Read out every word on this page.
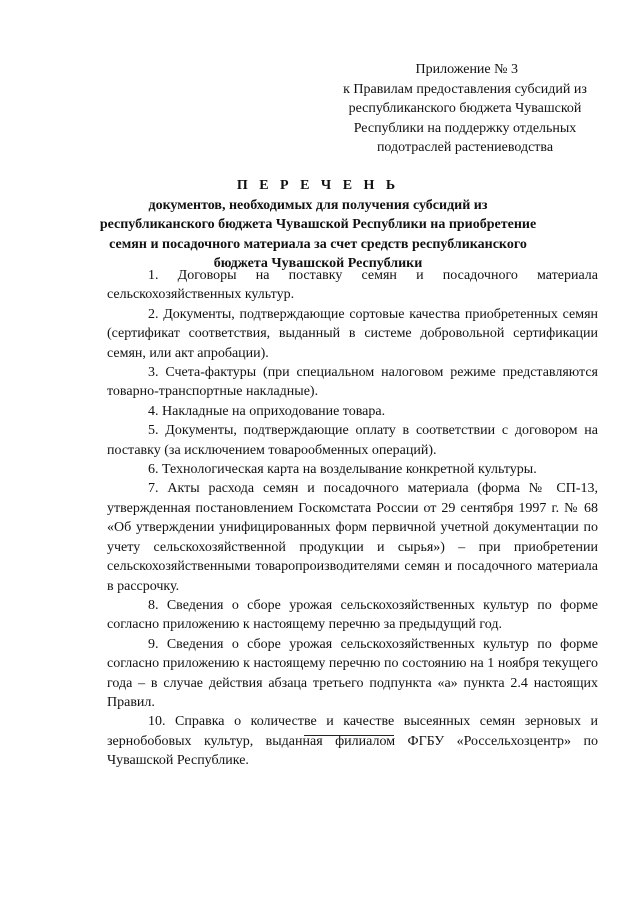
Приложение № 3
к Правилам предоставления субсидий из республиканского бюджета Чувашской Республики на поддержку отдельных подотраслей растениеводства
П Е Р Е Ч Е Н Ь
документов, необходимых для получения субсидий из республиканского бюджета Чувашской Республики на приобретение семян и посадочного материала за счет средств республиканского бюджета Чувашской Республики

1. Договоры на поставку семян и посадочного материала сельскохозяйственных культур.

2. Документы, подтверждающие сортовые качества приобретенных семян (сертификат соответствия, выданный в системе добровольной сертификации семян, или акт апробации).

3. Счета-фактуры (при специальном налоговом режиме представляются товарно-транспортные накладные).

4. Накладные на оприходование товара.

5. Документы, подтверждающие оплату в соответствии с договором на поставку (за исключением товарообменных операций).

6. Технологическая карта на возделывание конкретной культуры.

7. Акты расхода семян и посадочного материала (форма № СП-13, утвержденная постановлением Госкомстата России от 29 сентября 1997 г. № 68 «Об утверждении унифицированных форм первичной учетной документации по учету сельскохозяйственной продукции и сырья») – при приобретении сельскохозяйственными товаропроизводителями семян и посадочного материала в рассрочку.

8. Сведения о сборе урожая сельскохозяйственных культур по форме согласно приложению к настоящему перечню за предыдущий год.

9. Сведения о сборе урожая сельскохозяйственных культур по форме согласно приложению к настоящему перечню по состоянию на 1 ноября текущего года – в случае действия абзаца третьего подпункта «а» пункта 2.4 настоящих Правил.

10. Справка о количестве и качестве высеянных семян зерновых и зернобобовых культур, выданная филиалом ФГБУ «Россельхозцентр» по Чувашской Республике.
